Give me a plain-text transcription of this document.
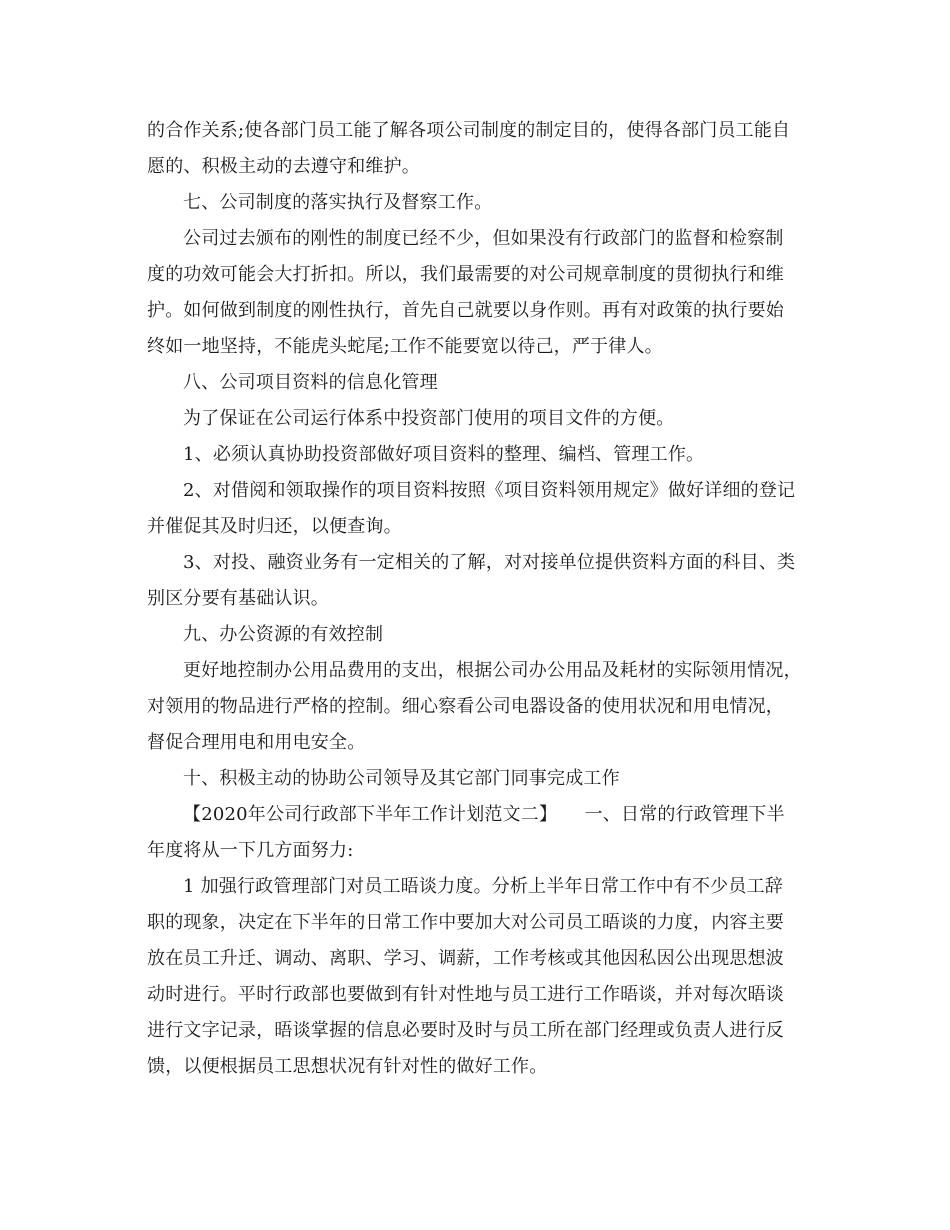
的合作关系;使各部门员工能了解各项公司制度的制定目的，使得各部门员工能自
愿的、积极主动的去遵守和维护。
七、公司制度的落实执行及督察工作。
公司过去颁布的刚性的制度已经不少，但如果没有行政部门的监督和检察制
度的功效可能会大打折扣。所以，我们最需要的对公司规章制度的贯彻执行和维
护。如何做到制度的刚性执行，首先自己就要以身作则。再有对政策的执行要始
终如一地坚持，不能虎头蛇尾;工作不能要宽以待己，严于律人。
八、公司项目资料的信息化管理
为了保证在公司运行体系中投资部门使用的项目文件的方便。
1、必须认真协助投资部做好项目资料的整理、编档、管理工作。
2、对借阅和领取操作的项目资料按照《项目资料领用规定》做好详细的登记
并催促其及时归还，以便查询。
3、对投、融资业务有一定相关的了解，对对接单位提供资料方面的科目、类
别区分要有基础认识。
九、办公资源的有效控制
更好地控制办公用品费用的支出，根据公司办公用品及耗材的实际领用情况，
对领用的物品进行严格的控制。细心察看公司电器设备的使用状况和用电情况，
督促合理用电和用电安全。
十、积极主动的协助公司领导及其它部门同事完成工作
【2020年公司行政部下半年工作计划范文二】　　一、日常的行政管理下半
年度将从一下几方面努力:
1 加强行政管理部门对员工晤谈力度。分析上半年日常工作中有不少员工辞
职的现象，决定在下半年的日常工作中要加大对公司员工晤谈的力度，内容主要
放在员工升迁、调动、离职、学习、调薪，工作考核或其他因私因公出现思想波
动时进行。平时行政部也要做到有针对性地与员工进行工作晤谈，并对每次晤谈
进行文字记录，晤谈掌握的信息必要时及时与员工所在部门经理或负责人进行反
馈，以便根据员工思想状况有针对性的做好工作。
